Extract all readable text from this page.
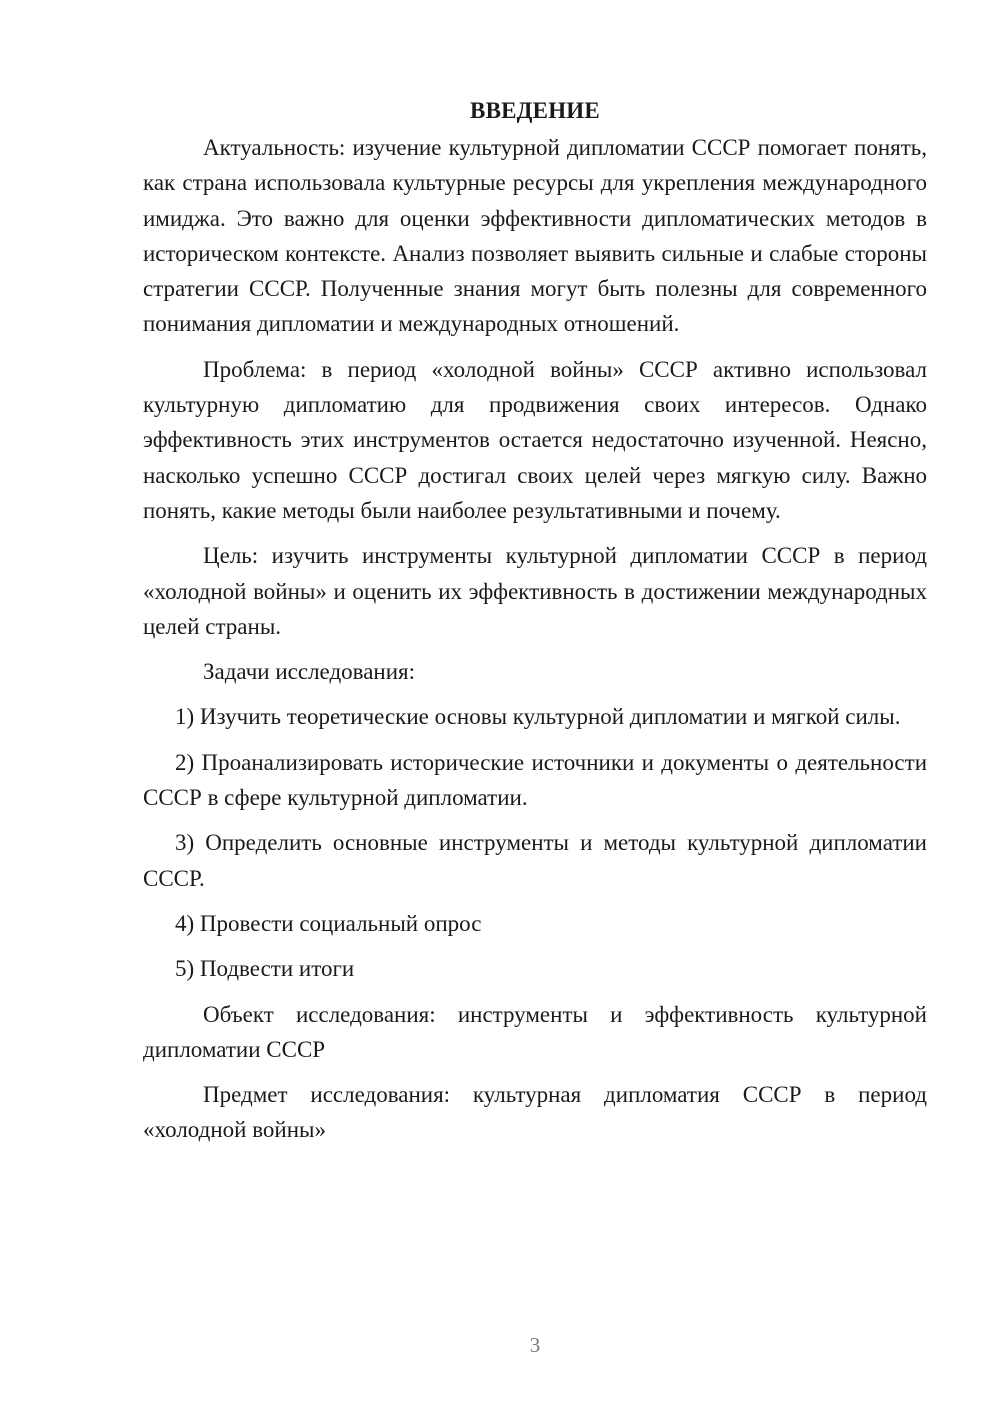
ВВЕДЕНИЕ

Актуальность: изучение культурной дипломатии СССР помогает понять, как страна использовала культурные ресурсы для укрепления международного имиджа. Это важно для оценки эффективности дипломатических методов в историческом контексте. Анализ позволяет выявить сильные и слабые стороны стратегии СССР. Полученные знания могут быть полезны для современного понимания дипломатии и международных отношений.

Проблема: в период «холодной войны» СССР активно использовал культурную дипломатию для продвижения своих интересов. Однако эффективность этих инструментов остается недостаточно изученной. Неясно, насколько успешно СССР достигал своих целей через мягкую силу. Важно понять, какие методы были наиболее результативными и почему.

Цель: изучить инструменты культурной дипломатии СССР в период «холодной войны» и оценить их эффективность в достижении международных целей страны.

Задачи исследования:

1) Изучить теоретические основы культурной дипломатии и мягкой силы.

2) Проанализировать исторические источники и документы о деятельности СССР в сфере культурной дипломатии.

3) Определить основные инструменты и методы культурной дипломатии СССР.

4) Провести социальный опрос

5) Подвести итоги

Объект исследования: инструменты и эффективность культурной дипломатии СССР

Предмет исследования: культурная дипломатия СССР в период «холодной войны»

3
